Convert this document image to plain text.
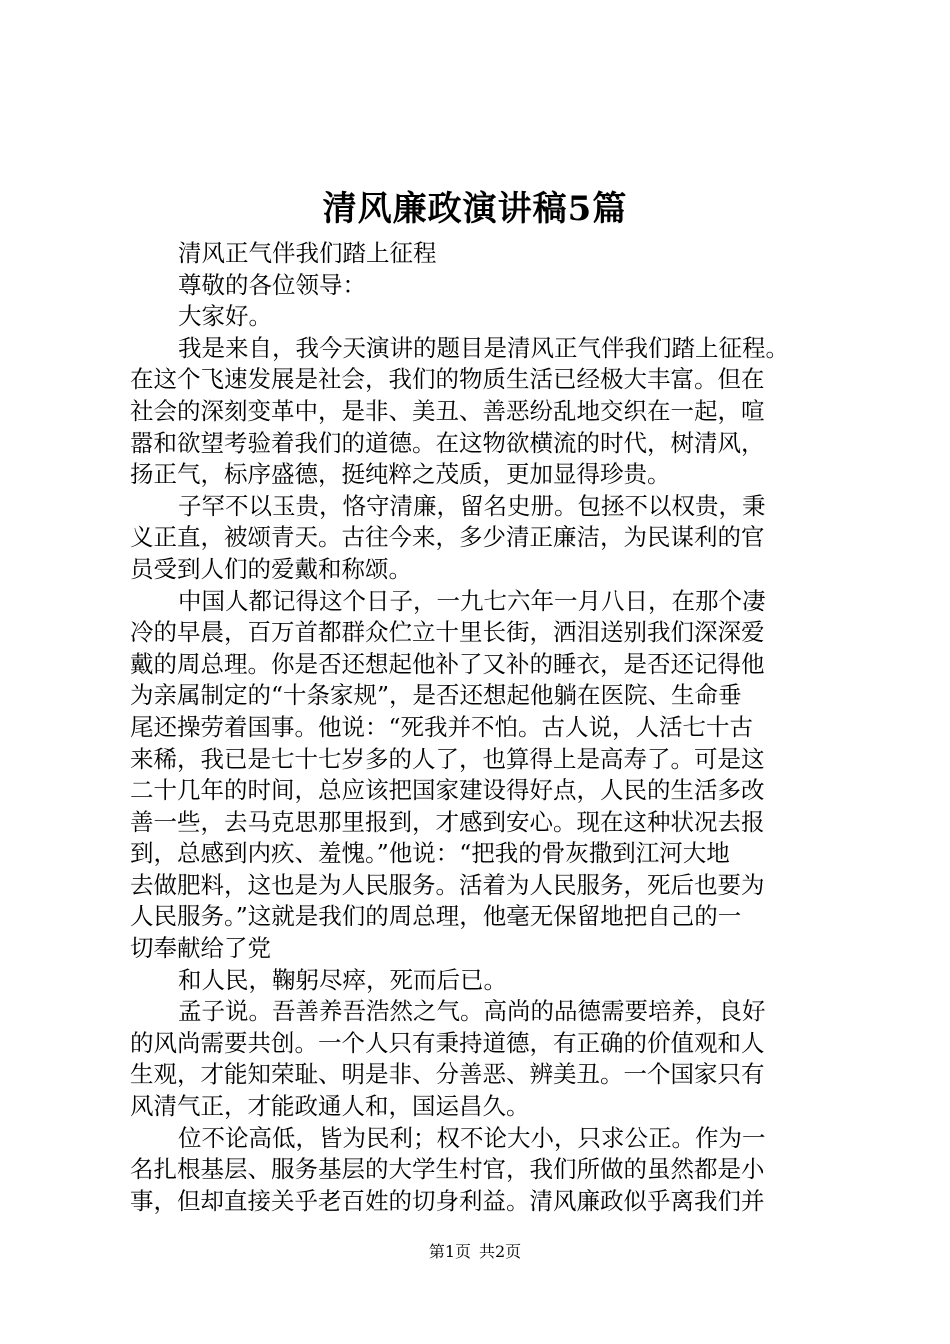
清风廉政演讲稿5篇
清风正气伴我们踏上征程
尊敬的各位领导：
大家好。
我是来自，我今天演讲的题目是清风正气伴我们踏上征程。
在这个飞速发展是社会，我们的物质生活已经极大丰富。但在
社会的深刻变革中，是非、美丑、善恶纷乱地交织在一起，喧
嚣和欲望考验着我们的道德。在这物欲横流的时代，树清风，
扬正气，标序盛德，挺纯粹之茂质，更加显得珍贵。
子罕不以玉贵，恪守清廉，留名史册。包拯不以权贵，秉
义正直，被颂青天。古往今来，多少清正廉洁，为民谋利的官
员受到人们的爱戴和称颂。
中国人都记得这个日子，一九七六年一月八日，在那个凄
冷的早晨，百万首都群众伫立十里长街，洒泪送别我们深深爱
戴的周总理。你是否还想起他补了又补的睡衣，是否还记得他
为亲属制定的“十条家规”，是否还想起他躺在医院、生命垂
尾还操劳着国事。他说：“死我并不怕。古人说，人活七十古
来稀，我已是七十七岁多的人了，也算得上是高寿了。可是这
二十几年的时间，总应该把国家建设得好点，人民的生活多改
善一些，去马克思那里报到，才感到安心。现在这种状况去报
到，总感到内疚、羞愧。”他说：“把我的骨灰撒到江河大地
去做肥料，这也是为人民服务。活着为人民服务，死后也要为
人民服务。”这就是我们的周总理，他毫无保留地把自己的一
切奉献给了党
和人民，鞠躬尽瘁，死而后已。
孟子说。吾善养吾浩然之气。高尚的品德需要培养，良好
的风尚需要共创。一个人只有秉持道德，有正确的价值观和人
生观，才能知荣耻、明是非、分善恶、辨美丑。一个国家只有
风清气正，才能政通人和，国运昌久。
位不论高低，皆为民利；权不论大小，只求公正。作为一
名扎根基层、服务基层的大学生村官，我们所做的虽然都是小
事，但却直接关乎老百姓的切身利益。清风廉政似乎离我们并
第1页 共2页
